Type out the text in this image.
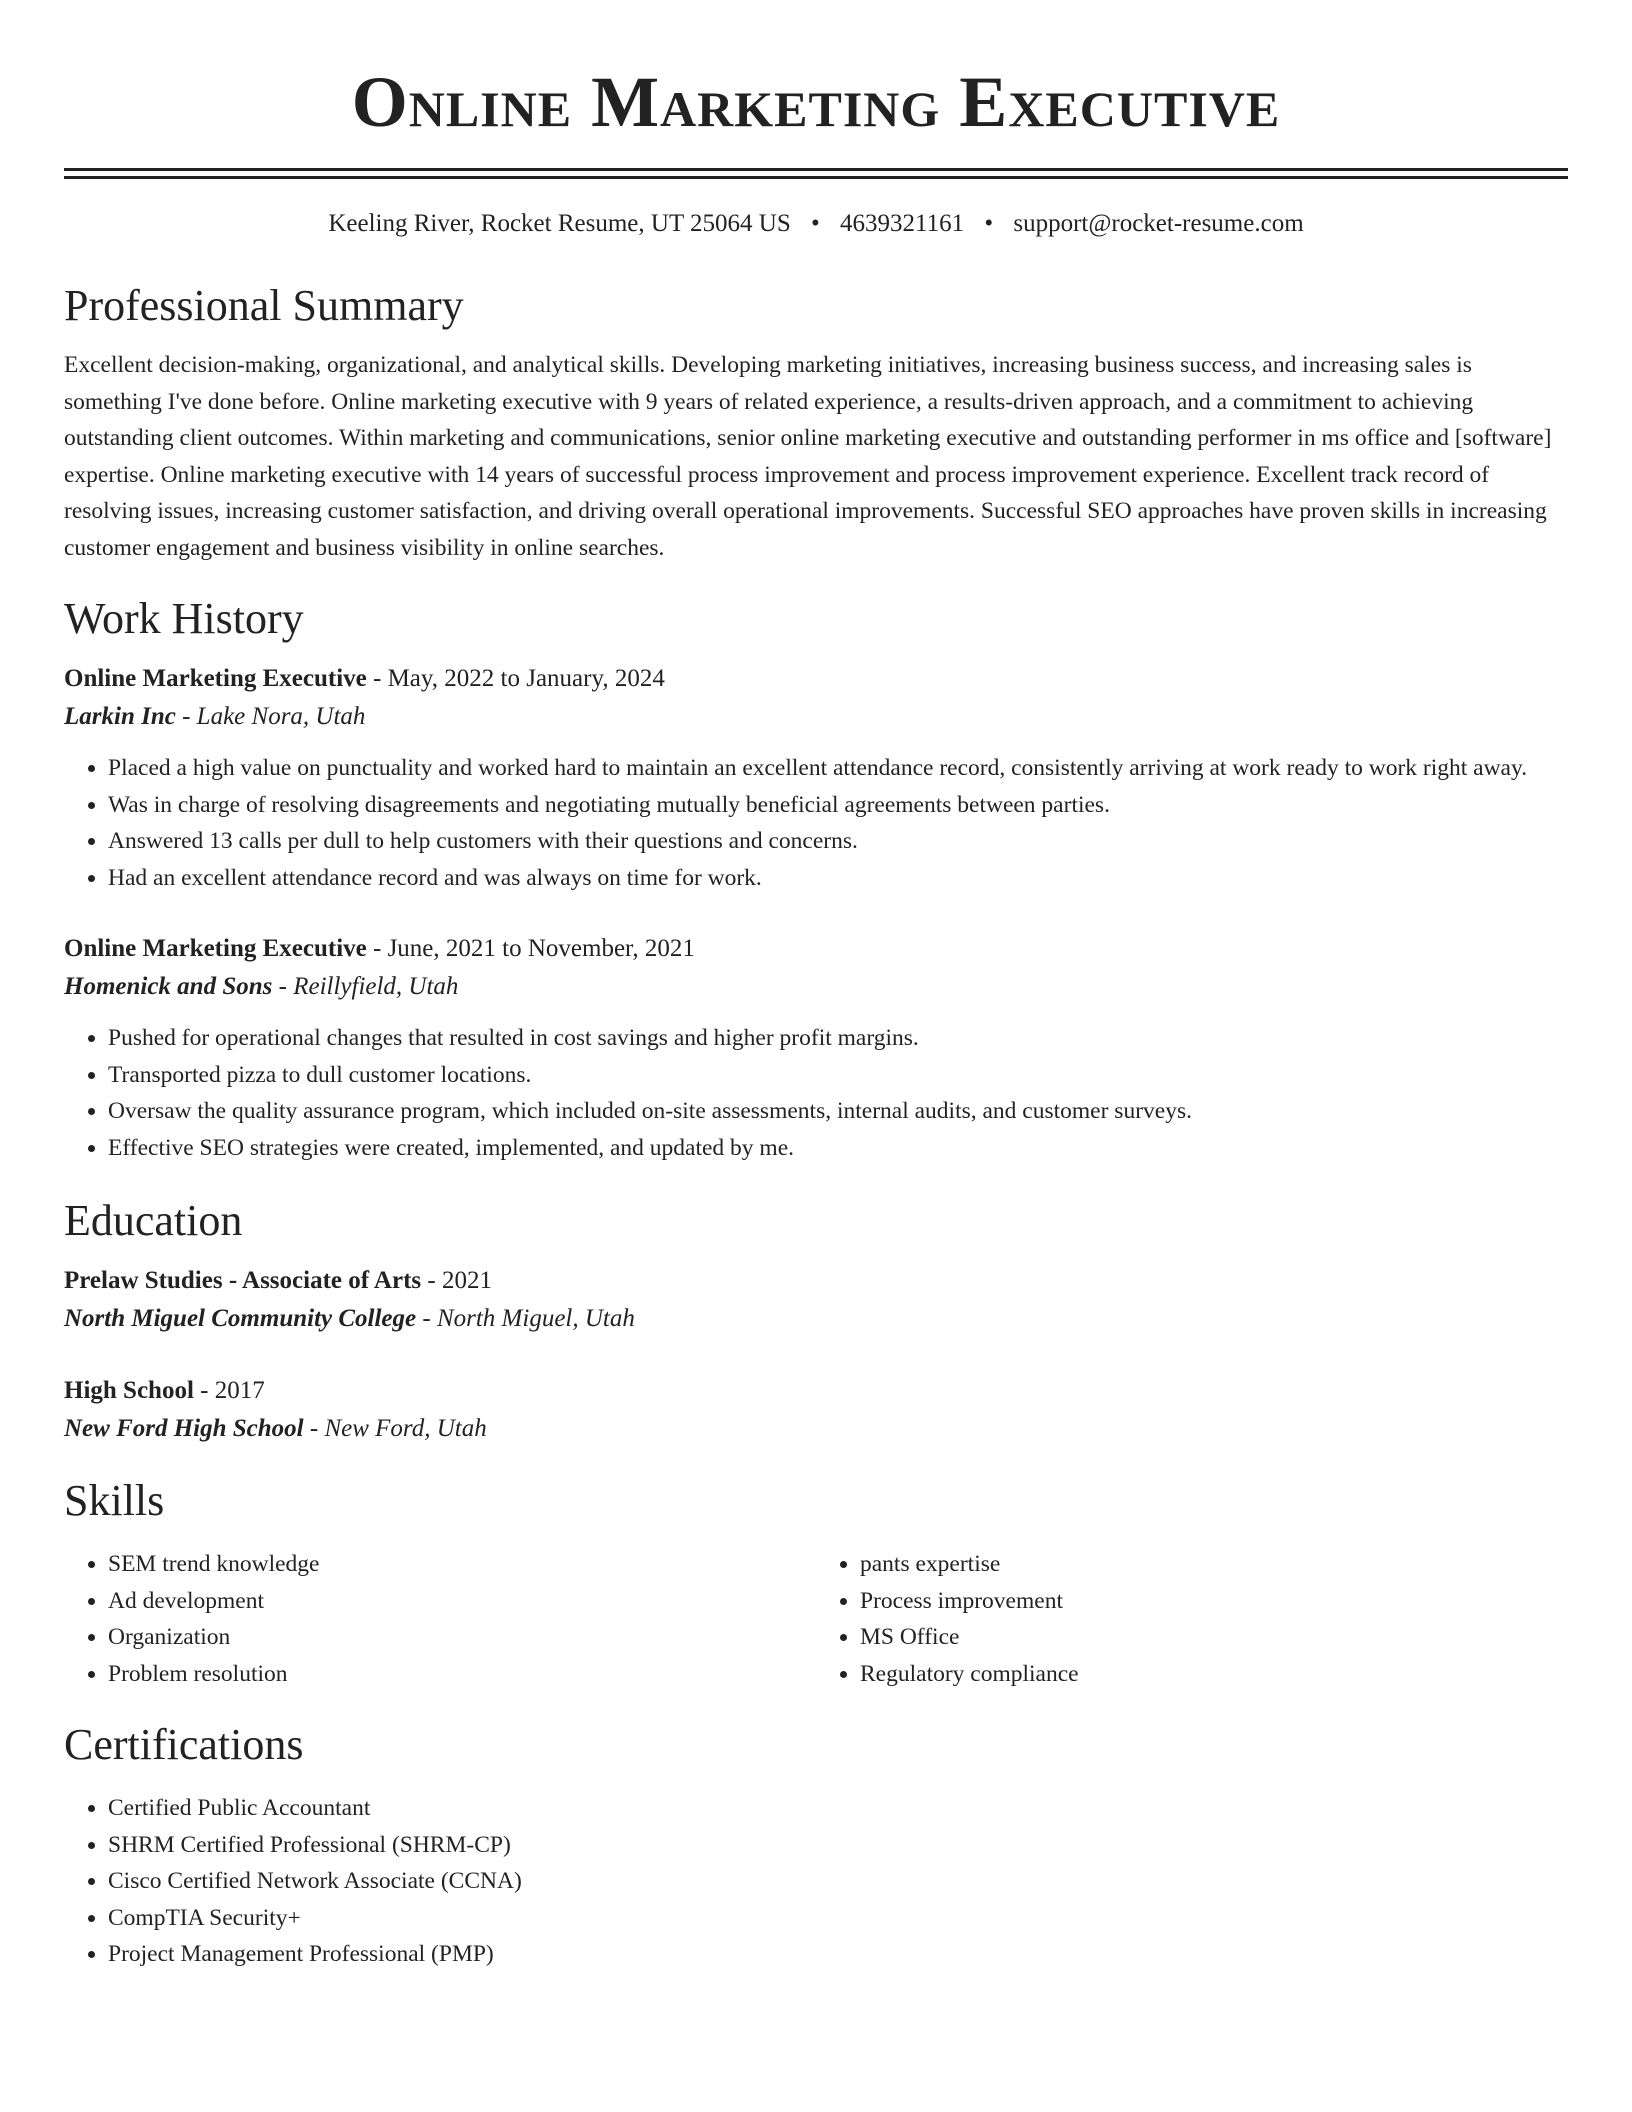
Online Marketing Executive
Keeling River, Rocket Resume, UT 25064 US • 4639321161 • support@rocket-resume.com
Professional Summary

Excellent decision-making, organizational, and analytical skills. Developing marketing initiatives, increasing business success, and increasing sales is something I've done before. Online marketing executive with 9 years of related experience, a results-driven approach, and a commitment to achieving outstanding client outcomes. Within marketing and communications, senior online marketing executive and outstanding performer in ms office and [software] expertise. Online marketing executive with 14 years of successful process improvement and process improvement experience. Excellent track record of resolving issues, increasing customer satisfaction, and driving overall operational improvements. Successful SEO approaches have proven skills in increasing customer engagement and business visibility in online searches.

Work History
Online Marketing Executive - May, 2022 to January, 2024
Larkin Inc - Lake Nora, Utah
• Placed a high value on punctuality and worked hard to maintain an excellent attendance record, consistently arriving at work ready to work right away.
• Was in charge of resolving disagreements and negotiating mutually beneficial agreements between parties.
• Answered 13 calls per dull to help customers with their questions and concerns.
• Had an excellent attendance record and was always on time for work.
Online Marketing Executive - June, 2021 to November, 2021
Homenick and Sons - Reillyfield, Utah
• Pushed for operational changes that resulted in cost savings and higher profit margins.
• Transported pizza to dull customer locations.
• Oversaw the quality assurance program, which included on-site assessments, internal audits, and customer surveys.
• Effective SEO strategies were created, implemented, and updated by me.
Education
Prelaw Studies - Associate of Arts - 2021
North Miguel Community College - North Miguel, Utah
High School - 2017
New Ford High School - New Ford, Utah
Skills
• SEM trend knowledge
• Ad development
• Organization
• Problem resolution
• pants expertise
• Process improvement
• MS Office
• Regulatory compliance
Certifications
• Certified Public Accountant
• SHRM Certified Professional (SHRM-CP)
• Cisco Certified Network Associate (CCNA)
• CompTIA Security+
• Project Management Professional (PMP)
